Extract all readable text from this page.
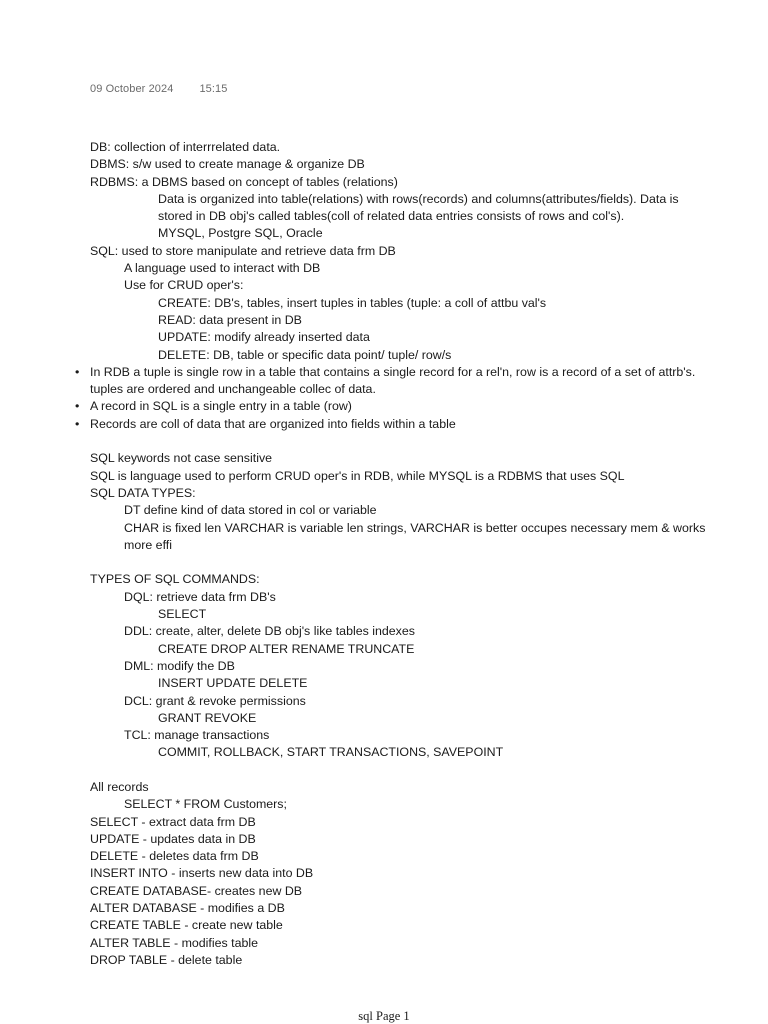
09 October 2024 15:15
DB: collection of interrrelated data.
DBMS: s/w used to create manage & organize DB
RDBMS: a DBMS based on concept of tables (relations)
Data is organized into table(relations) with rows(records) and columns(attributes/fields). Data is
stored in DB obj's called tables(coll of related data entries consists of rows and col's).
MYSQL, Postgre SQL, Oracle
SQL: used to store manipulate and retrieve data frm DB
A language used to interact with DB
Use for CRUD oper's:
CREATE: DB's, tables, insert tuples in tables (tuple: a coll of attbu val's
READ: data present in DB
UPDATE: modify already inserted data
DELETE: DB, table or specific data point/ tuple/ row/s
• In RDB a tuple is single row in a table that contains a single record for a rel'n, row is a record of a set of attrb's.
tuples are ordered and unchangeable collec of data.
• A record in SQL is a single entry in a table (row)
• Records are coll of data that are organized into fields within a table
SQL keywords not case sensitive
SQL is language used to perform CRUD oper's in RDB, while MYSQL is a RDBMS that uses SQL
SQL DATA TYPES:
DT define kind of data stored in col or variable
CHAR is fixed len VARCHAR is variable len strings, VARCHAR is better occupes necessary mem & works
more effi
TYPES OF SQL COMMANDS:
DQL: retrieve data frm DB's
SELECT
DDL: create, alter, delete DB obj's like tables indexes
CREATE DROP ALTER RENAME TRUNCATE
DML: modify the DB
INSERT UPDATE DELETE
DCL: grant & revoke permissions
GRANT REVOKE
TCL: manage transactions
COMMIT, ROLLBACK, START TRANSACTIONS, SAVEPOINT
All records
SELECT * FROM Customers;
SELECT - extract data frm DB
UPDATE - updates data in DB
DELETE - deletes data frm DB
INSERT INTO - inserts new data into DB
CREATE DATABASE- creates new DB
ALTER DATABASE - modifies a DB
CREATE TABLE - create new table
ALTER TABLE - modifies table
DROP TABLE - delete table
sql Page 1
